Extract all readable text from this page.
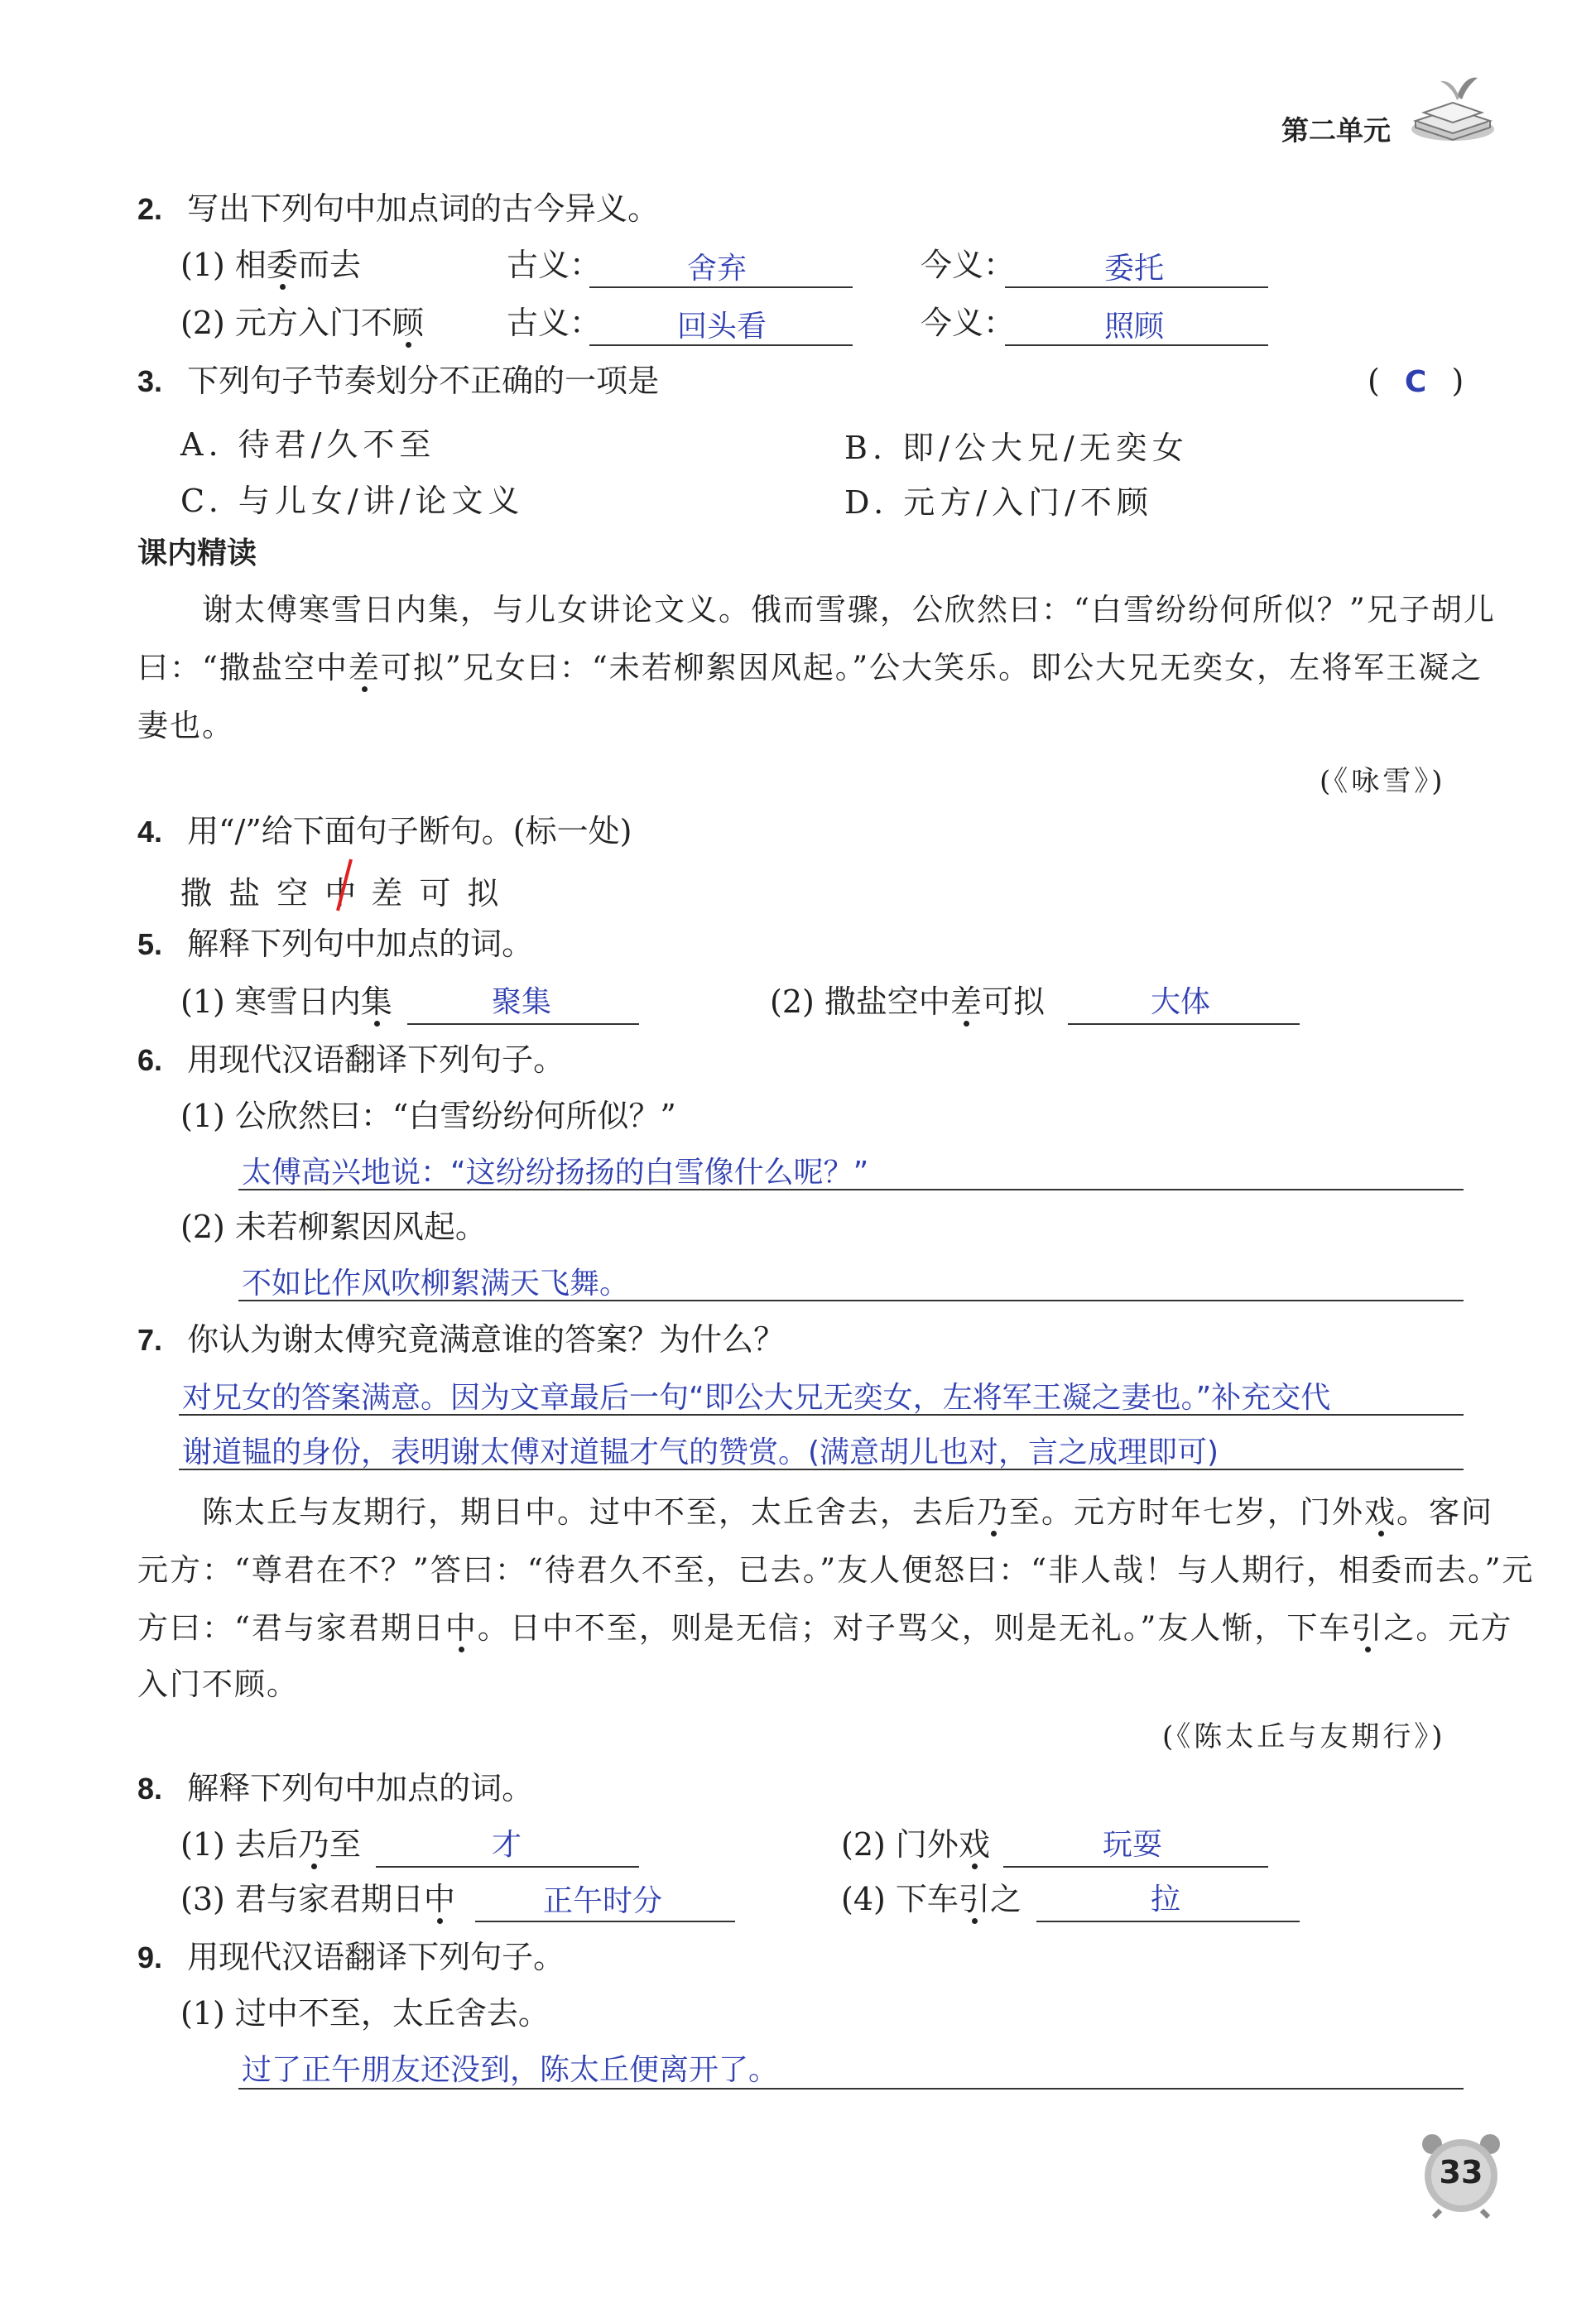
第二单元
2. 写出下列句中加点词的古今异义。
(1) 相委而去	古义：	舍弃	今义：	委托
(2) 元方入门不顾	古义：	回头看	今义：	照顾
3. 下列句子节奏划分不正确的一项是	( C )
A. 待君/久不至	B. 即/公大兄/无奕女
C. 与儿女/讲/论文义	D. 元方/入门/不顾
课内精读
谢太傅寒雪日内集，与儿女讲论文义。俄而雪骤，公欣然曰：“白雪纷纷何所似？”兄子胡儿
曰：“撒盐空中差可拟”兄女曰：“未若柳絮因风起。”公大笑乐。即公大兄无奕女，左将军王凝之
妻也。
(《咏雪》)
4. 用“/”给下面句子断句。(标一处)
撒 盐 空 中 差 可 拟
5. 解释下列句中加点的词。
(1) 寒雪日内集	聚集	(2) 撒盐空中差可拟	大体
6. 用现代汉语翻译下列句子。
(1) 公欣然曰：“白雪纷纷何所似？”
太傅高兴地说：“这纷纷扬扬的白雪像什么呢？”
(2) 未若柳絮因风起。
不如比作风吹柳絮满天飞舞。
7. 你认为谢太傅究竟满意谁的答案？为什么？
对兄女的答案满意。因为文章最后一句“即公大兄无奕女，左将军王凝之妻也。”补充交代
谢道韫的身份，表明谢太傅对道韫才气的赞赏。(满意胡儿也对，言之成理即可)
陈太丘与友期行，期日中。过中不至，太丘舍去，去后乃至。元方时年七岁，门外戏。客问
元方：“尊君在不？”答曰：“待君久不至，已去。”友人便怒曰：“非人哉！与人期行，相委而去。”元
方曰：“君与家君期日中。日中不至，则是无信；对子骂父，则是无礼。”友人惭，下车引之。元方
入门不顾。
(《陈太丘与友期行》)
8. 解释下列句中加点的词。
(1) 去后乃至	才	(2) 门外戏	玩耍
(3) 君与家君期日中	正午时分	(4) 下车引之	拉
9. 用现代汉语翻译下列句子。
(1) 过中不至，太丘舍去。
过了正午朋友还没到，陈太丘便离开了。
33
